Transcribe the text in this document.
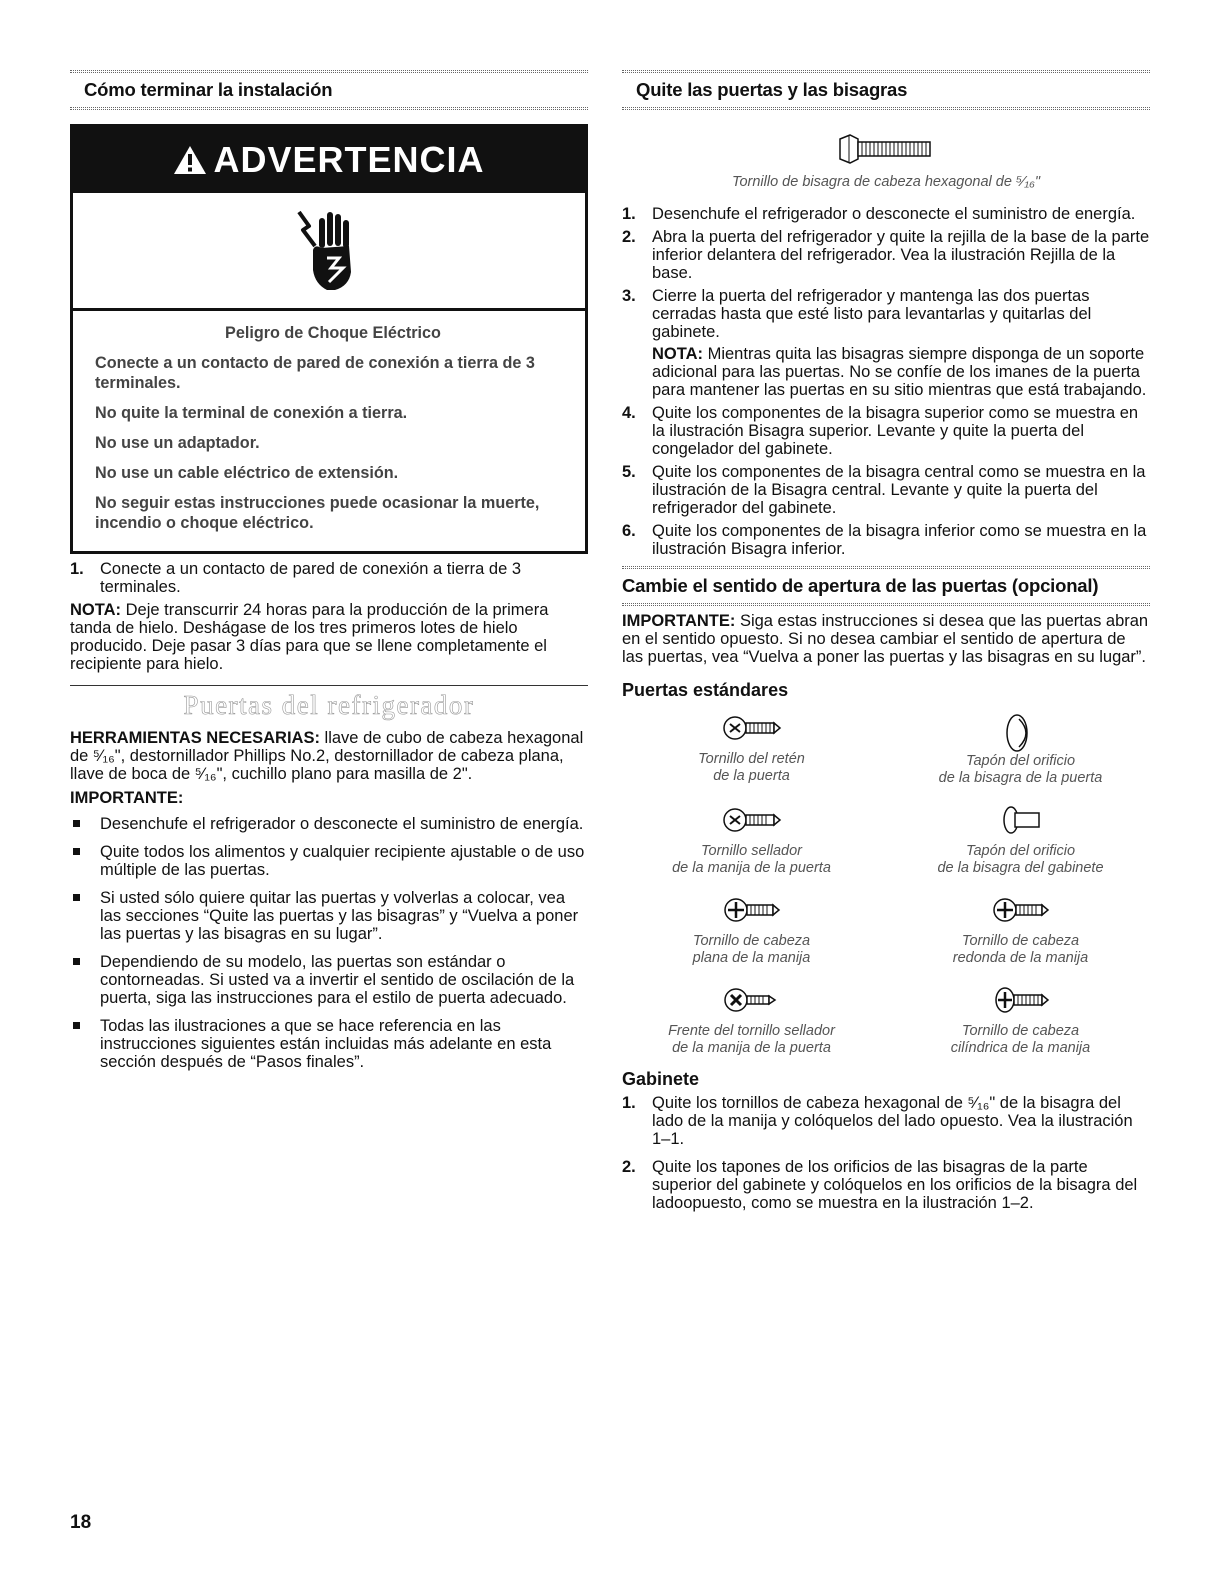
Cómo terminar la instalación
ADVERTENCIA
Peligro de Choque Eléctrico
Conecte a un contacto de pared de conexión a tierra de 3 terminales.
No quite la terminal de conexión a tierra.
No use un adaptador.
No use un cable eléctrico de extensión.
No seguir estas instrucciones puede ocasionar la muerte, incendio o choque eléctrico.
1. Conecte a un contacto de pared de conexión a tierra de 3 terminales.

NOTA: Deje transcurrir 24 horas para la producción de la primera tanda de hielo. Deshágase de los tres primeros lotes de hielo producido. Deje pasar 3 días para que se llene completamente el recipiente para hielo.

Puertas del refrigerador

HERRAMIENTAS NECESARIAS: llave de cubo de cabeza hexagonal de ⁵⁄₁₆", destornillador Phillips No.2, destornillador de cabeza plana, llave de boca de ⁵⁄₁₆", cuchillo plano para masilla de 2".

IMPORTANTE:

Desenchufe el refrigerador o desconecte el suministro de energía.
Quite todos los alimentos y cualquier recipiente ajustable o de uso múltiple de las puertas.
Si usted sólo quiere quitar las puertas y volverlas a colocar, vea las secciones “Quite las puertas y las bisagras” y “Vuelva a poner las puertas y las bisagras en su lugar”.
Dependiendo de su modelo, las puertas son estándar o contorneadas. Si usted va a invertir el sentido de oscilación de la puerta, siga las instrucciones para el estilo de puerta adecuado.
Todas las ilustraciones a que se hace referencia en las instrucciones siguientes están incluidas más adelante en esta sección después de “Pasos finales”.
Quite las puertas y las bisagras
Tornillo de bisagra de cabeza hexagonal de ⁵⁄₁₆"
1. Desenchufe el refrigerador o desconecte el suministro de energía.
2. Abra la puerta del refrigerador y quite la rejilla de la base de la parte inferior delantera del refrigerador. Vea la ilustración Rejilla de la base.
3. Cierre la puerta del refrigerador y mantenga las dos puertas cerradas hasta que esté listo para levantarlas y quitarlas del gabinete.
NOTA: Mientras quita las bisagras siempre disponga de un soporte adicional para las puertas. No se confíe de los imanes de la puerta para mantener las puertas en su sitio mientras que está trabajando.
4. Quite los componentes de la bisagra superior como se muestra en la ilustración Bisagra superior. Levante y quite la puerta del congelador del gabinete.
5. Quite los componentes de la bisagra central como se muestra en la ilustración de la Bisagra central. Levante y quite la puerta del refrigerador del gabinete.
6. Quite los componentes de la bisagra inferior como se muestra en la ilustración Bisagra inferior.
Cambie el sentido de apertura de las puertas (opcional)

IMPORTANTE: Siga estas instrucciones si desea que las puertas abran en el sentido opuesto. Si no desea cambiar el sentido de apertura de las puertas, vea “Vuelva a poner las puertas y las bisagras en su lugar”.

Puertas estándares
Tornillo del retén
de la puerta
Tapón del orificio
de la bisagra de la puerta
Tornillo sellador
de la manija de la puerta
Tapón del orificio
de la bisagra del gabinete
Tornillo de cabeza
plana de la manija
Tornillo de cabeza
redonda de la manija
Frente del tornillo sellador
de la manija de la puerta
Tornillo de cabeza
cilíndrica de la manija
Gabinete
1. Quite los tornillos de cabeza hexagonal de ⁵⁄₁₆" de la bisagra del lado de la manija y colóquelos del lado opuesto. Vea la ilustración 1–1.
2. Quite los tapones de los orificios de las bisagras de la parte superior del gabinete y colóquelos en los orificios de la bisagra del ladoopuesto, como se muestra en la ilustración 1–2.
18
